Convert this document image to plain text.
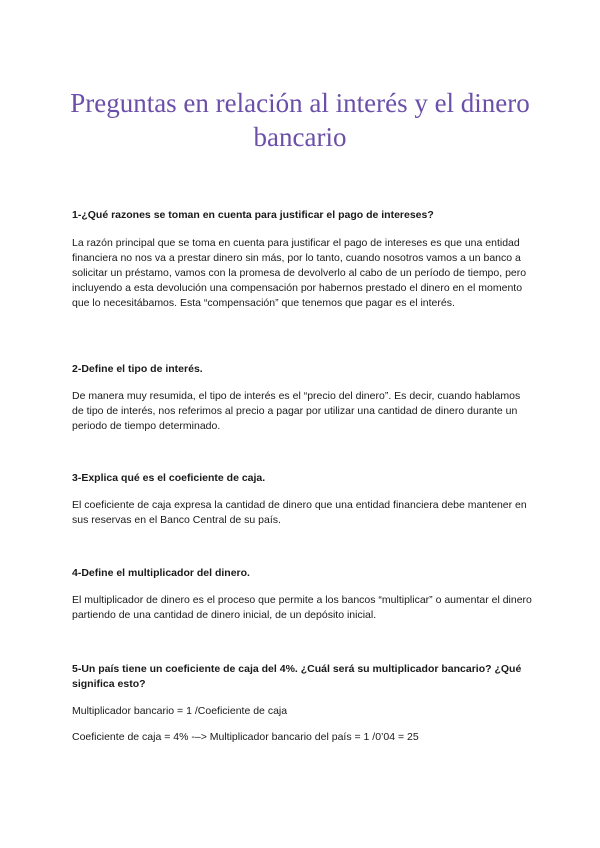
Preguntas en relación al interés y el dinero bancario

1-¿Qué razones se toman en cuenta para justificar el pago de intereses?

La razón principal que se toma en cuenta para justificar el pago de intereses es que una entidad financiera no nos va a prestar dinero sin más, por lo tanto, cuando nosotros vamos a un banco a solicitar un préstamo, vamos con la promesa de devolverlo al cabo de un período de tiempo, pero incluyendo a esta devolución una compensación por habernos prestado el dinero en el momento que lo necesitábamos. Esta “compensación” que tenemos que pagar es el interés.

2-Define el tipo de interés.

De manera muy resumida, el tipo de interés es el “precio del dinero”. Es decir, cuando hablamos de tipo de interés, nos referimos al precio a pagar por utilizar una cantidad de dinero durante un periodo de tiempo determinado.

3-Explica qué es el coeficiente de caja.

El coeficiente de caja expresa la cantidad de dinero que una entidad financiera debe mantener en sus reservas en el Banco Central de su país.

4-Define el multiplicador del dinero.

El multiplicador de dinero es el proceso que permite a los bancos “multiplicar” o aumentar el dinero partiendo de una cantidad de dinero inicial, de un depósito inicial.

5-Un país tiene un coeficiente de caja del 4%. ¿Cuál será su multiplicador bancario? ¿Qué significa esto?

Multiplicador bancario = 1 /Coeficiente de caja

Coeficiente de caja = 4% -–> Multiplicador bancario del país = 1 /0’04 = 25
